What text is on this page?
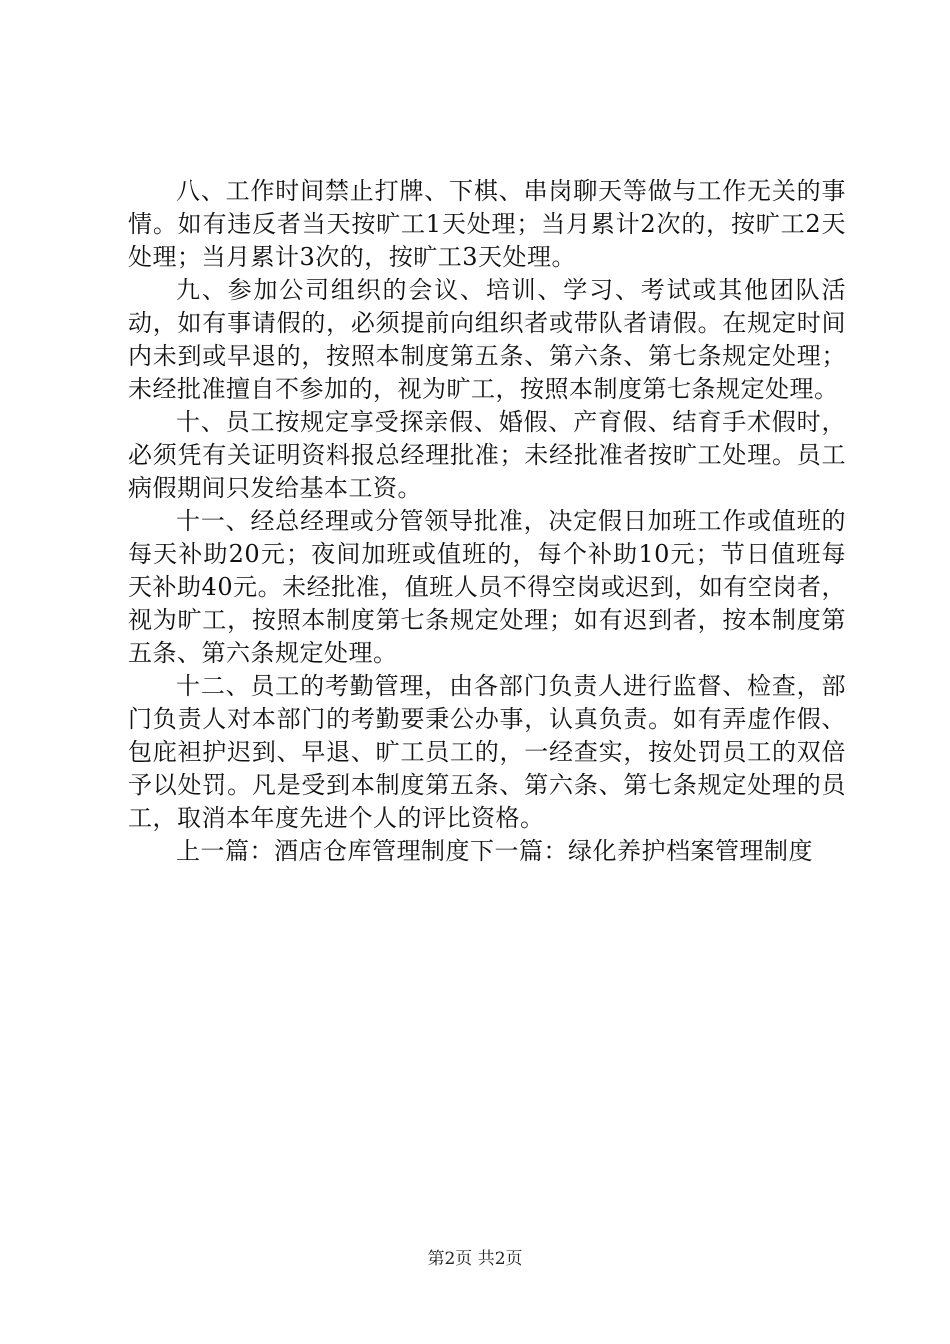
八、工作时间禁止打牌、下棋、串岗聊天等做与工作无关的事情。如有违反者当天按旷工1天处理；当月累计2次的，按旷工2天处理；当月累计3次的，按旷工3天处理。

九、参加公司组织的会议、培训、学习、考试或其他团队活动，如有事请假的，必须提前向组织者或带队者请假。在规定时间内未到或早退的，按照本制度第五条、第六条、第七条规定处理；未经批准擅自不参加的，视为旷工，按照本制度第七条规定处理。

十、员工按规定享受探亲假、婚假、产育假、结育手术假时，必须凭有关证明资料报总经理批准；未经批准者按旷工处理。员工病假期间只发给基本工资。

十一、经总经理或分管领导批准，决定假日加班工作或值班的每天补助20元；夜间加班或值班的，每个补助10元；节日值班每天补助40元。未经批准，值班人员不得空岗或迟到，如有空岗者，视为旷工，按照本制度第七条规定处理；如有迟到者，按本制度第五条、第六条规定处理。

十二、员工的考勤管理，由各部门负责人进行监督、检查，部门负责人对本部门的考勤要秉公办事，认真负责。如有弄虚作假、包庇袒护迟到、早退、旷工员工的，一经查实，按处罚员工的双倍予以处罚。凡是受到本制度第五条、第六条、第七条规定处理的员工，取消本年度先进个人的评比资格。

上一篇：酒店仓库管理制度下一篇：绿化养护档案管理制度

第2页 共2页
